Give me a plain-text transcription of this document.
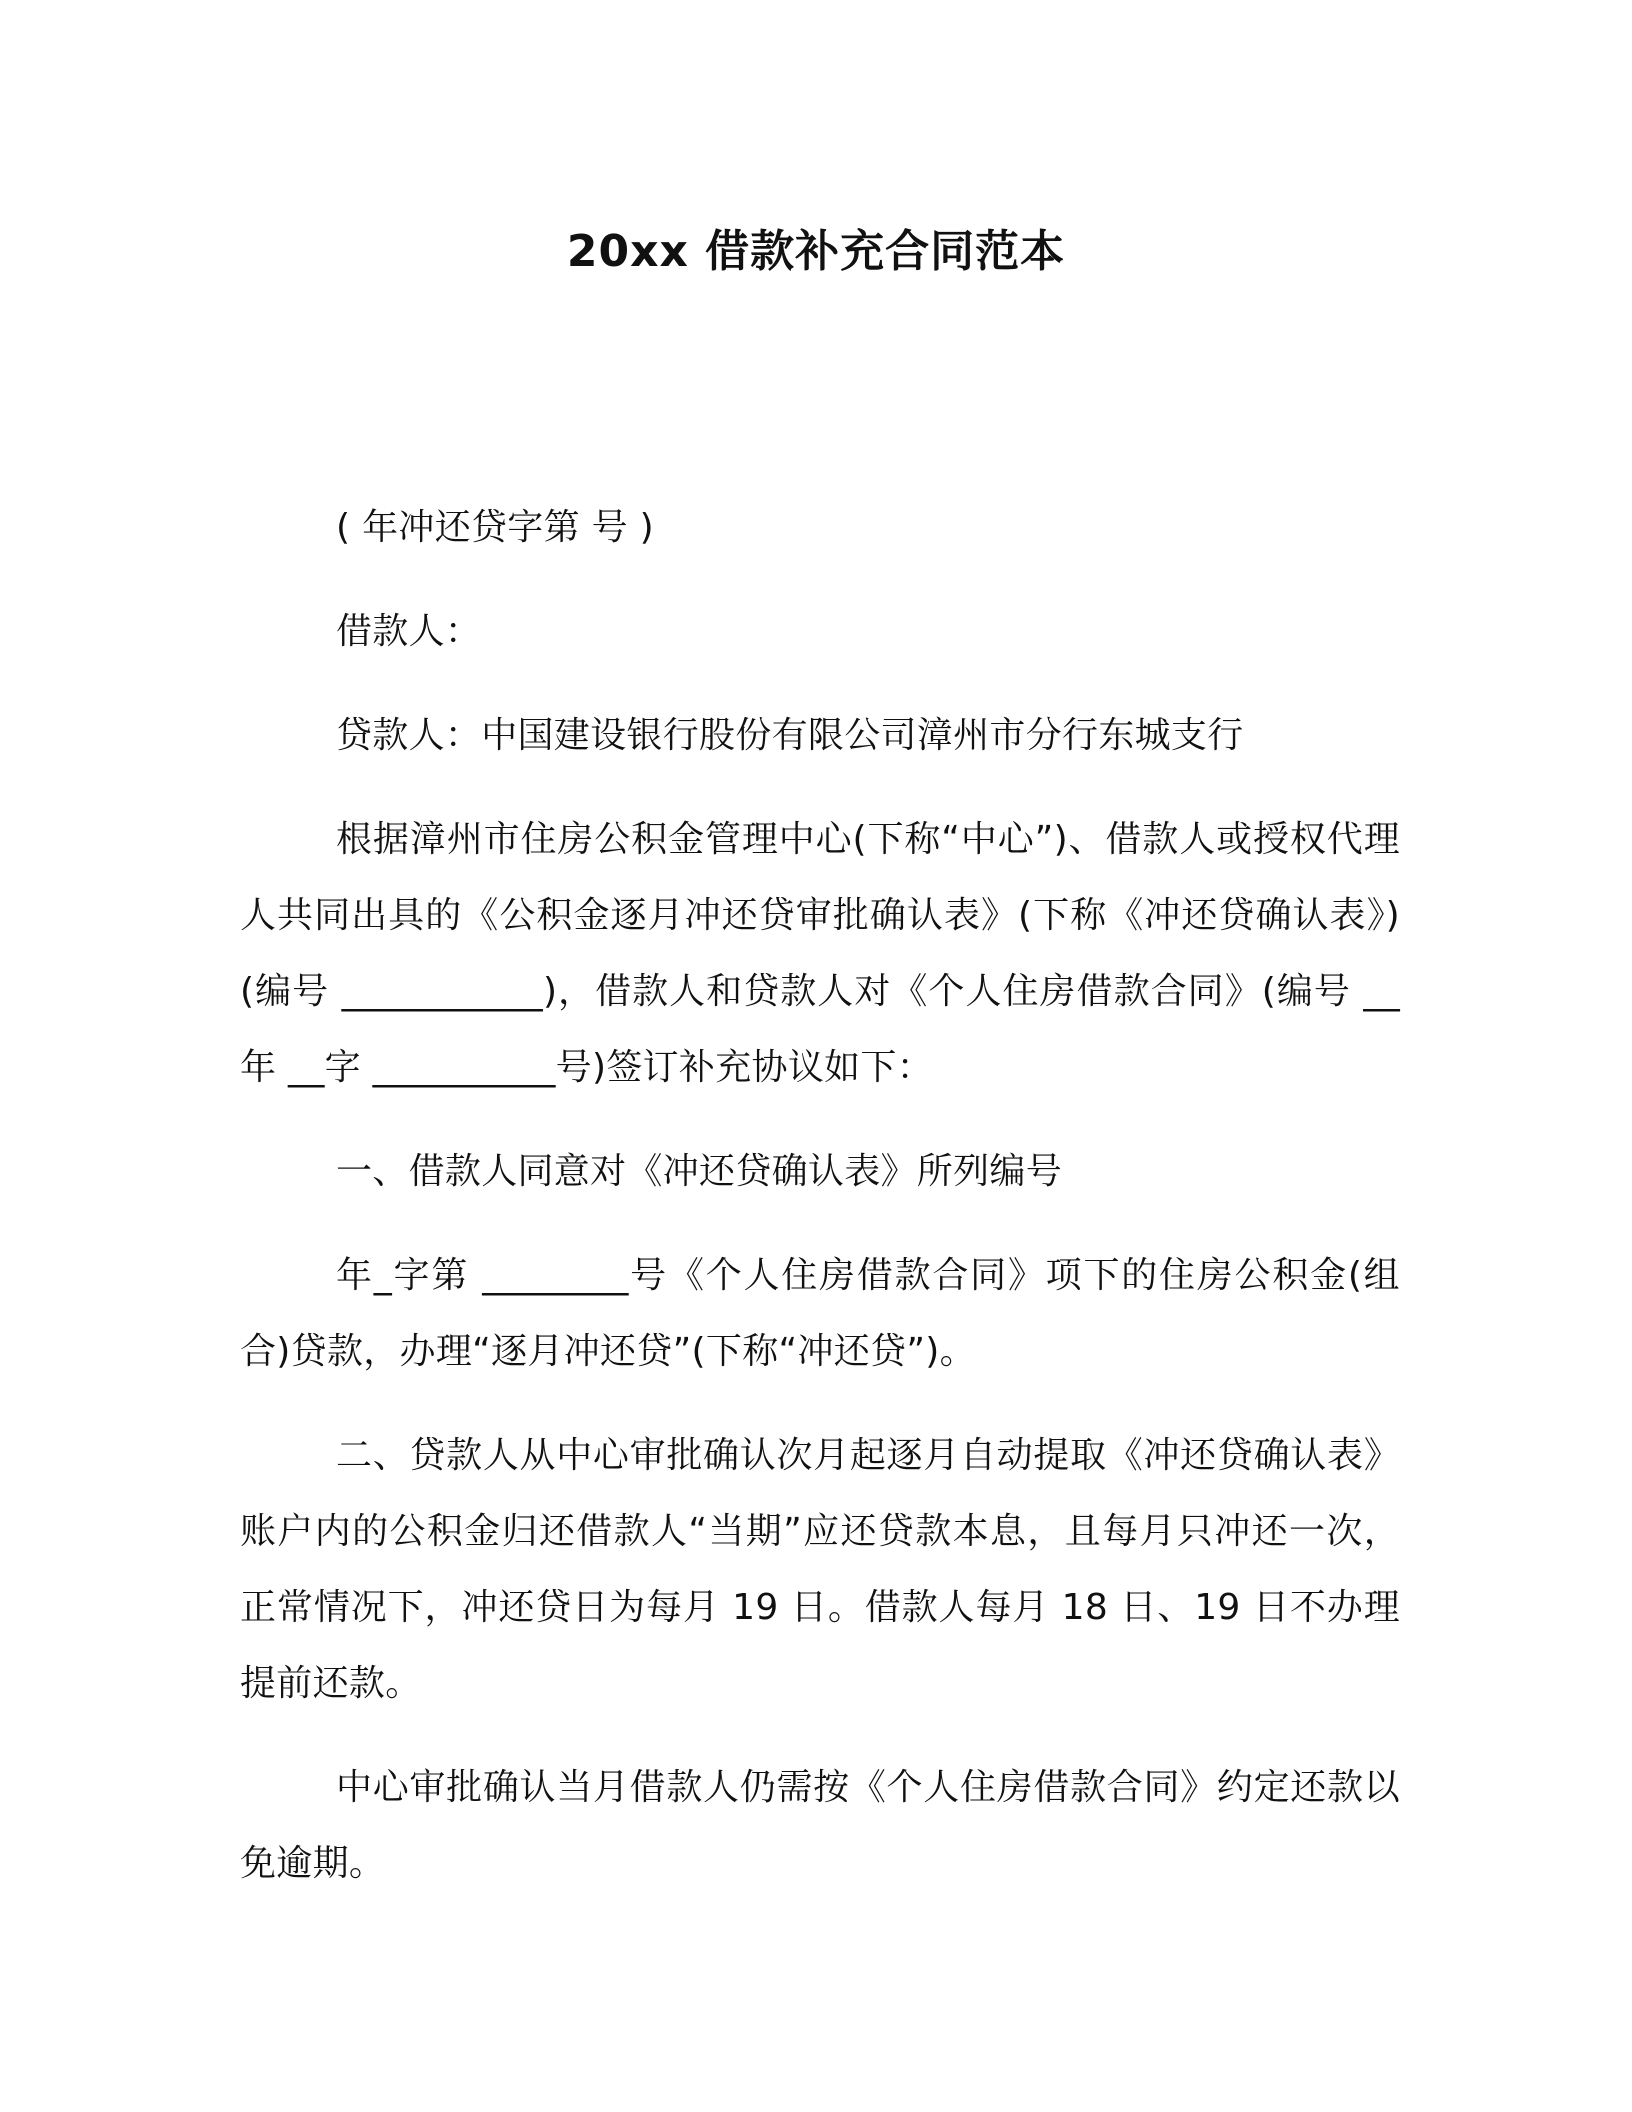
20xx 借款补充合同范本

( 年冲还贷字第 号 )

借款人：

贷款人：中国建设银行股份有限公司漳州市分行东城支行

根据漳州市住房公积金管理中心(下称“中心”)、借款人或授权代理人共同出具的《公积金逐月冲还贷审批确认表》(下称《冲还贷确认表》)(编号 ___________)，借款人和贷款人对《个人住房借款合同》(编号 __年 __字 __________号)签订补充协议如下：

一、借款人同意对《冲还贷确认表》所列编号

年_字第 ________号《个人住房借款合同》项下的住房公积金(组合)贷款，办理“逐月冲还贷”(下称“冲还贷”)。

二、贷款人从中心审批确认次月起逐月自动提取《冲还贷确认表》账户内的公积金归还借款人“当期”应还贷款本息，且每月只冲还一次，正常情况下，冲还贷日为每月 19 日。借款人每月 18 日、19 日不办理提前还款。

中心审批确认当月借款人仍需按《个人住房借款合同》约定还款以免逾期。
